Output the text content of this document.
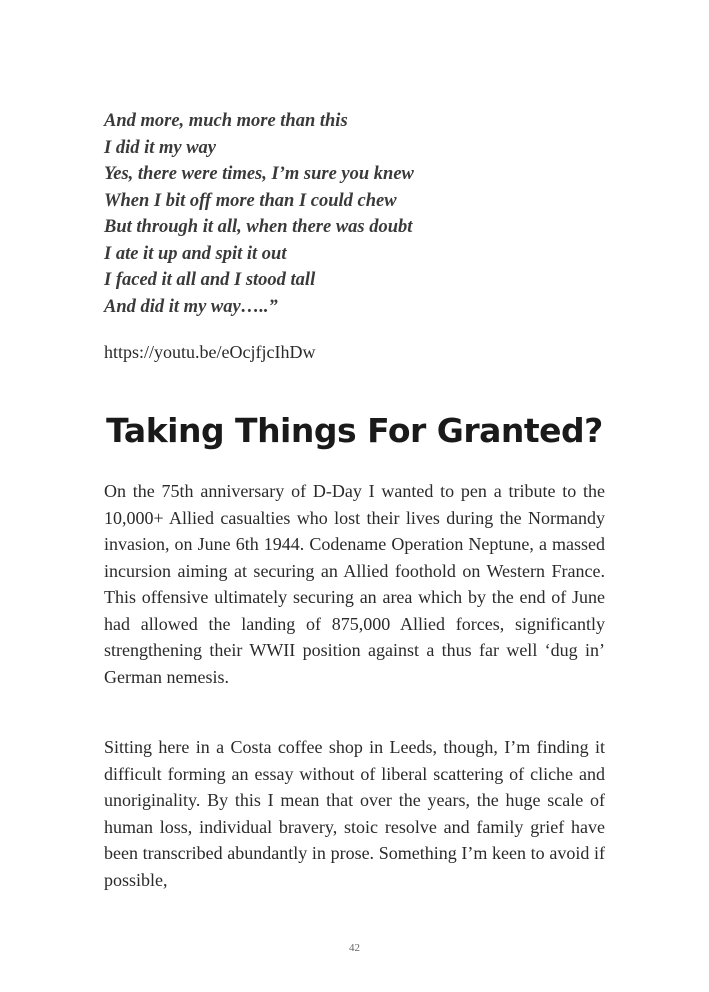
And more, much more than this
I did it my way
Yes, there were times, I’m sure you knew
When I bit off more than I could chew
But through it all, when there was doubt
I ate it up and spit it out
I faced it all and I stood tall
And did it my way…..”
https://youtu.be/eOcjfjcIhDw
Taking Things For Granted?

On the 75th anniversary of D-Day I wanted to pen a tribute to the 10,000+ Allied casualties who lost their lives during the Normandy invasion, on June 6th 1944. Codename Operation Neptune, a massed incursion aiming at securing an Allied foothold on Western France. This offensive ultimately securing an area which by the end of June had allowed the landing of 875,000 Allied forces, significantly strengthening their WWII position against a thus far well ‘dug in’ German nemesis.

Sitting here in a Costa coffee shop in Leeds, though, I’m finding it difficult forming an essay without of liberal scattering of cliche and unoriginality. By this I mean that over the years, the huge scale of human loss, individual bravery, stoic resolve and family grief have been transcribed abundantly in prose. Something I’m keen to avoid if possible,

42
